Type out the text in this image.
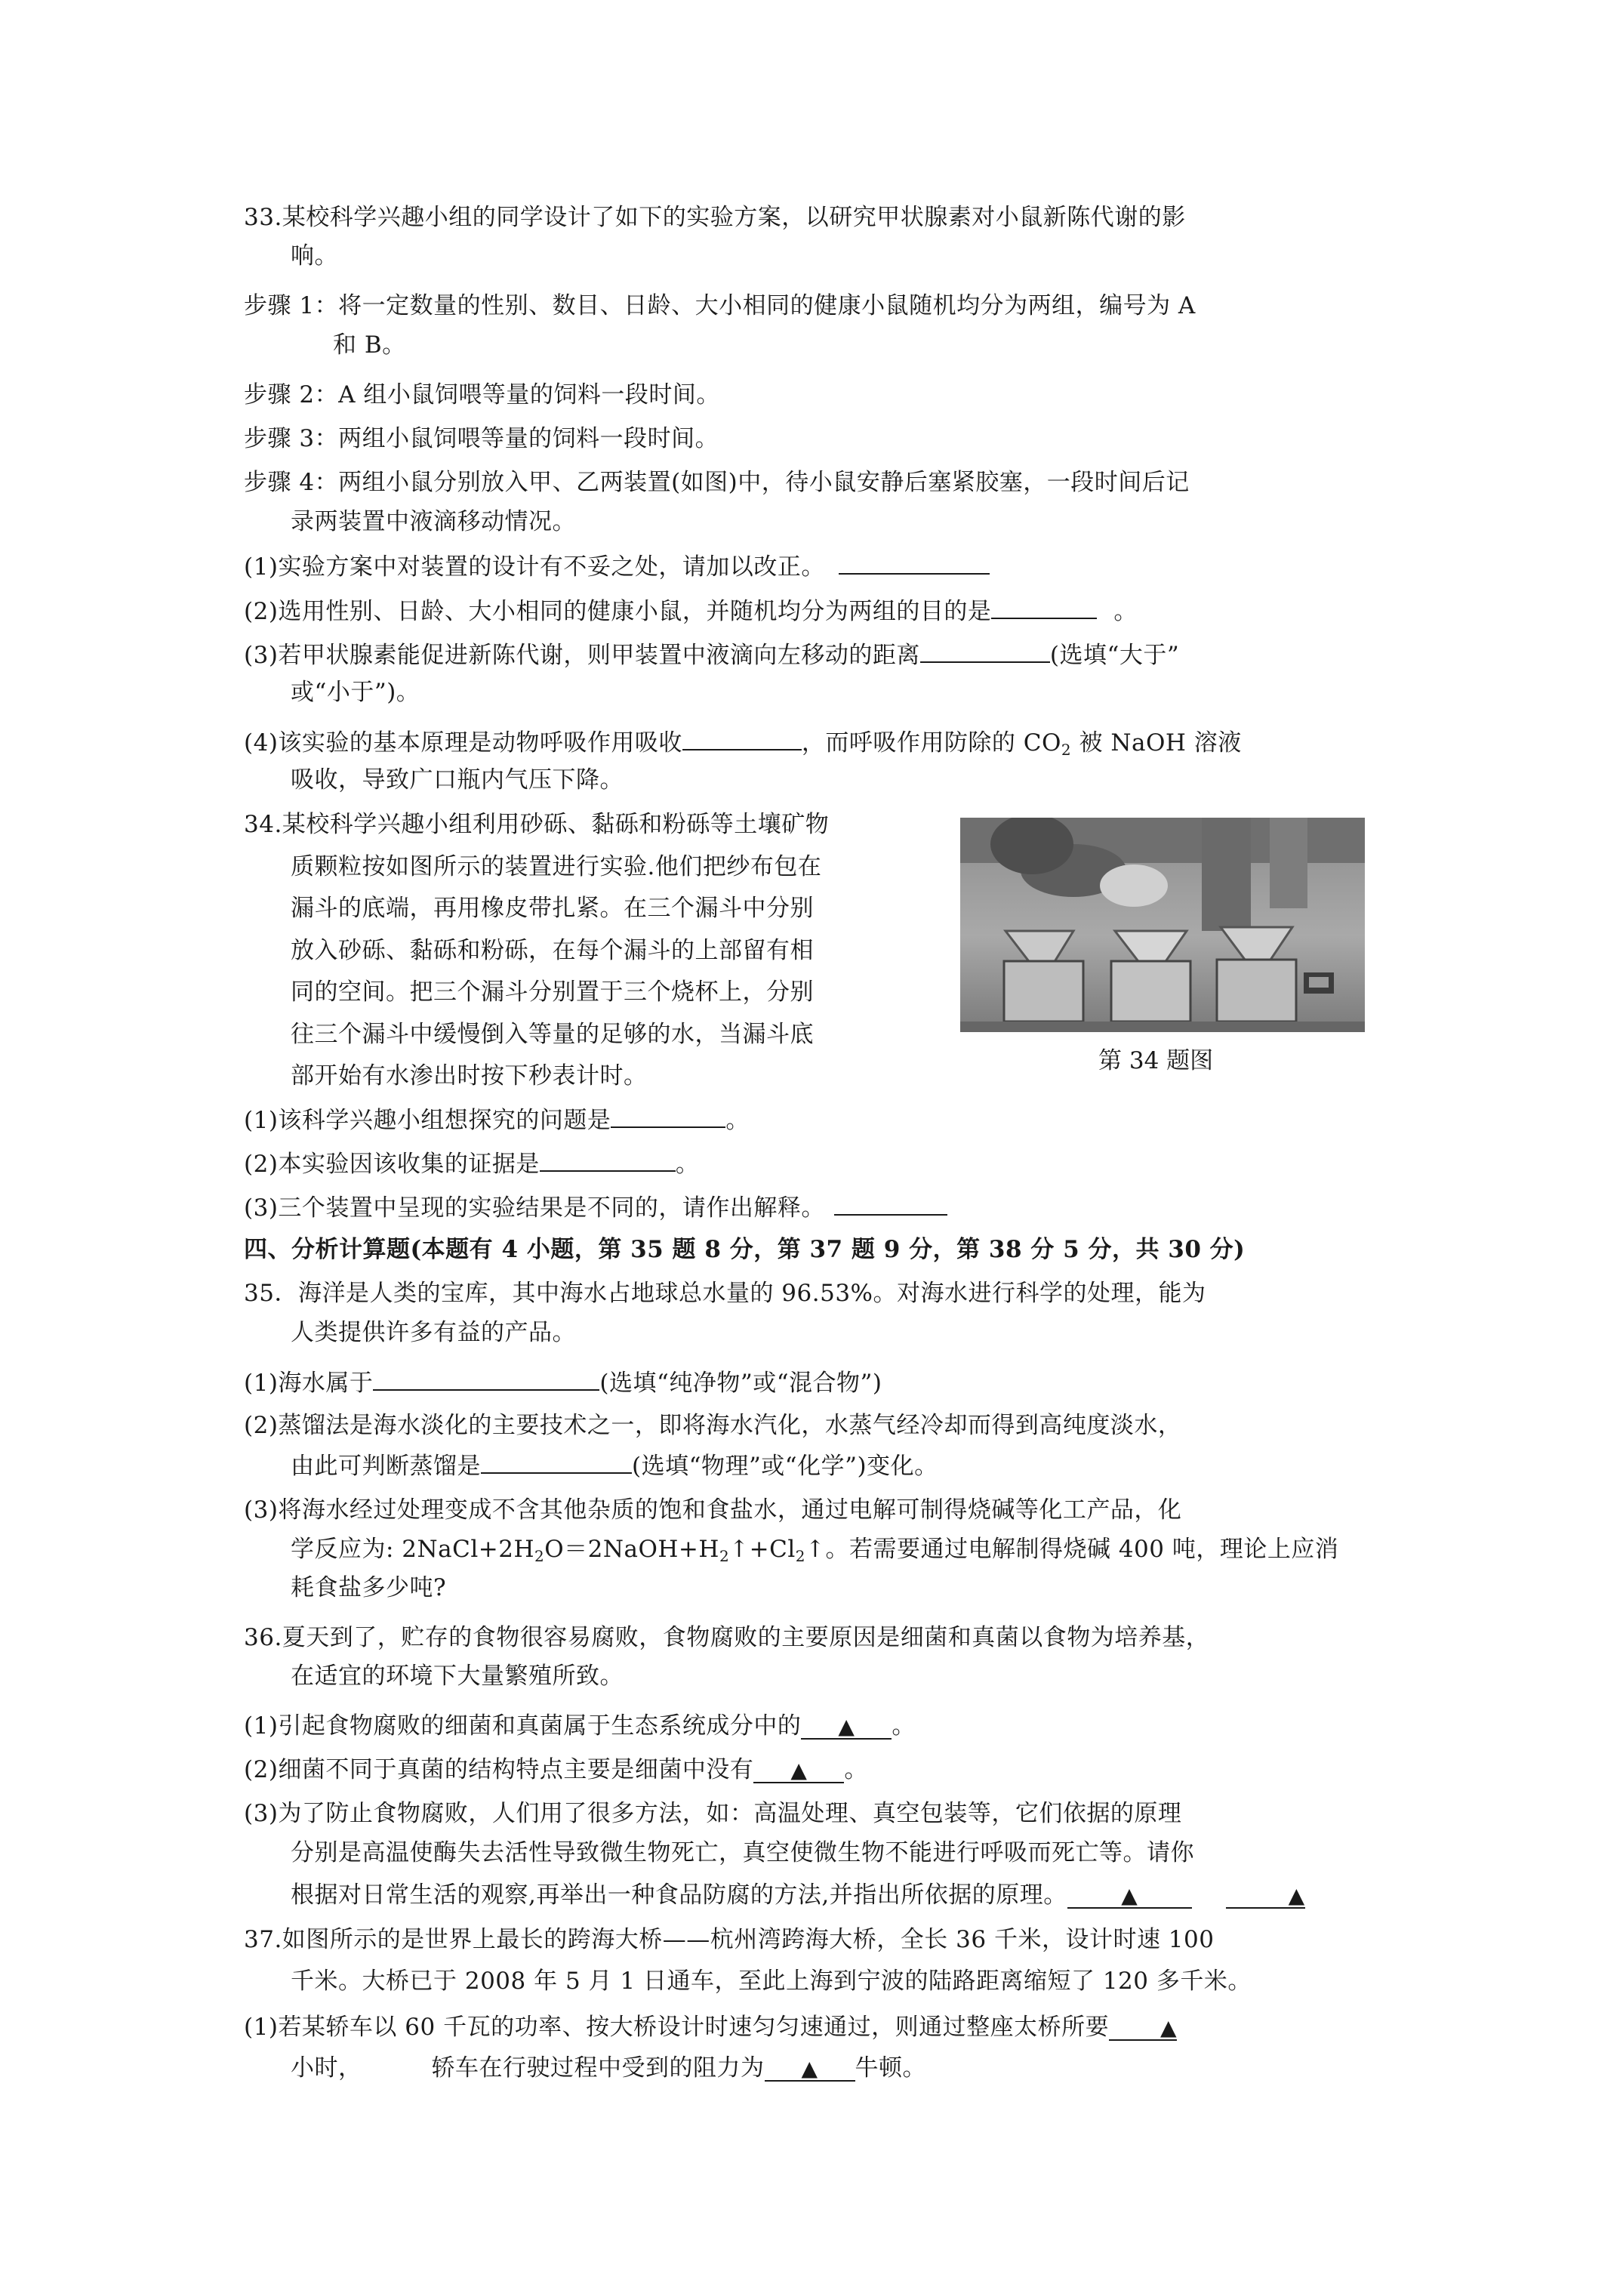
33.某校科学兴趣小组的同学设计了如下的实验方案，以研究甲状腺素对小鼠新陈代谢的影
响。
步骤 1：将一定数量的性别、数目、日龄、大小相同的健康小鼠随机均分为两组，编号为 A
和 B。
步骤 2：A 组小鼠饲喂等量的饲料一段时间。
步骤 3：两组小鼠饲喂等量的饲料一段时间。
步骤 4：两组小鼠分别放入甲、乙两装置(如图)中，待小鼠安静后塞紧胶塞，一段时间后记
录两装置中液滴移动情况。
(1)实验方案中对装置的设计有不妥之处，请加以改正。
(2)选用性别、日龄、大小相同的健康小鼠，并随机均分为两组的目的是	。
(3)若甲状腺素能促进新陈代谢，则甲装置中液滴向左移动的距离	(选填“大于”
或“小于”)。
(4)该实验的基本原理是动物呼吸作用吸收	，而呼吸作用防除的 $CO_2$ 被 NaOH 溶液
吸收，导致广口瓶内气压下降。
34.某校科学兴趣小组利用砂砾、黏砾和粉砾等土壤矿物
质颗粒按如图所示的装置进行实验.他们把纱布包在
漏斗的底端，再用橡皮带扎紧。在三个漏斗中分别
放入砂砾、黏砾和粉砾，在每个漏斗的上部留有相
同的空间。把三个漏斗分别置于三个烧杯上，分别
往三个漏斗中缓慢倒入等量的足够的水，当漏斗底
部开始有水渗出时按下秒表计时。
第 34 题图
(1)该科学兴趣小组想探究的问题是	。
(2)本实验因该收集的证据是	。
(3)三个装置中呈现的实验结果是不同的，请作出解释。
四、分析计算题(本题有 4 小题，第 35 题 8 分，第 37 题 9 分，第 38 分 5 分，共 30 分)
35．海洋是人类的宝库，其中海水占地球总水量的 96.53%。对海水进行科学的处理，能为
人类提供许多有益的产品。
(1)海水属于	(选填“纯净物”或“混合物”)
(2)蒸馏法是海水淡化的主要技术之一，即将海水汽化，水蒸气经冷却而得到高纯度淡水，
由此可判断蒸馏是	(选填“物理”或“化学”)变化。
(3)将海水经过处理变成不含其他杂质的饱和食盐水，通过电解可制得烧碱等化工产品，化
学反应为: $2NaCl+2H_2O=2NaOH+H_2↑+Cl_2↑$。若需要通过电解制得烧碱 400 吨，理论上应消
耗食盐多少吨?
36.夏天到了，贮存的食物很容易腐败，食物腐败的主要原因是细菌和真菌以食物为培养基，
在适宜的环境下大量繁殖所致。
(1)引起食物腐败的细菌和真菌属于生态系统成分中的 ▲ 。
(2)细菌不同于真菌的结构特点主要是细菌中没有 ▲ 。
(3)为了防止食物腐败，人们用了很多方法，如：高温处理、真空包装等，它们依据的原理
分别是高温使酶失去活性导致微生物死亡，真空使微生物不能进行呼吸而死亡等。请你
根据对日常生活的观察,再举出一种食品防腐的方法,并指出所依据的原理。	▲	▲
37.如图所示的是世界上最长的跨海大桥——杭州湾跨海大桥，全长 36 千米，设计时速 100
千米。大桥已于 2008 年 5 月 1 日通车，至此上海到宁波的陆路距离缩短了 120 多千米。
(1)若某轿车以 60 千瓦的功率、按大桥设计时速匀匀速通过，则通过整座太桥所要 ▲
小时，	轿车在行驶过程中受到的阻力为 ▲ 牛顿。
